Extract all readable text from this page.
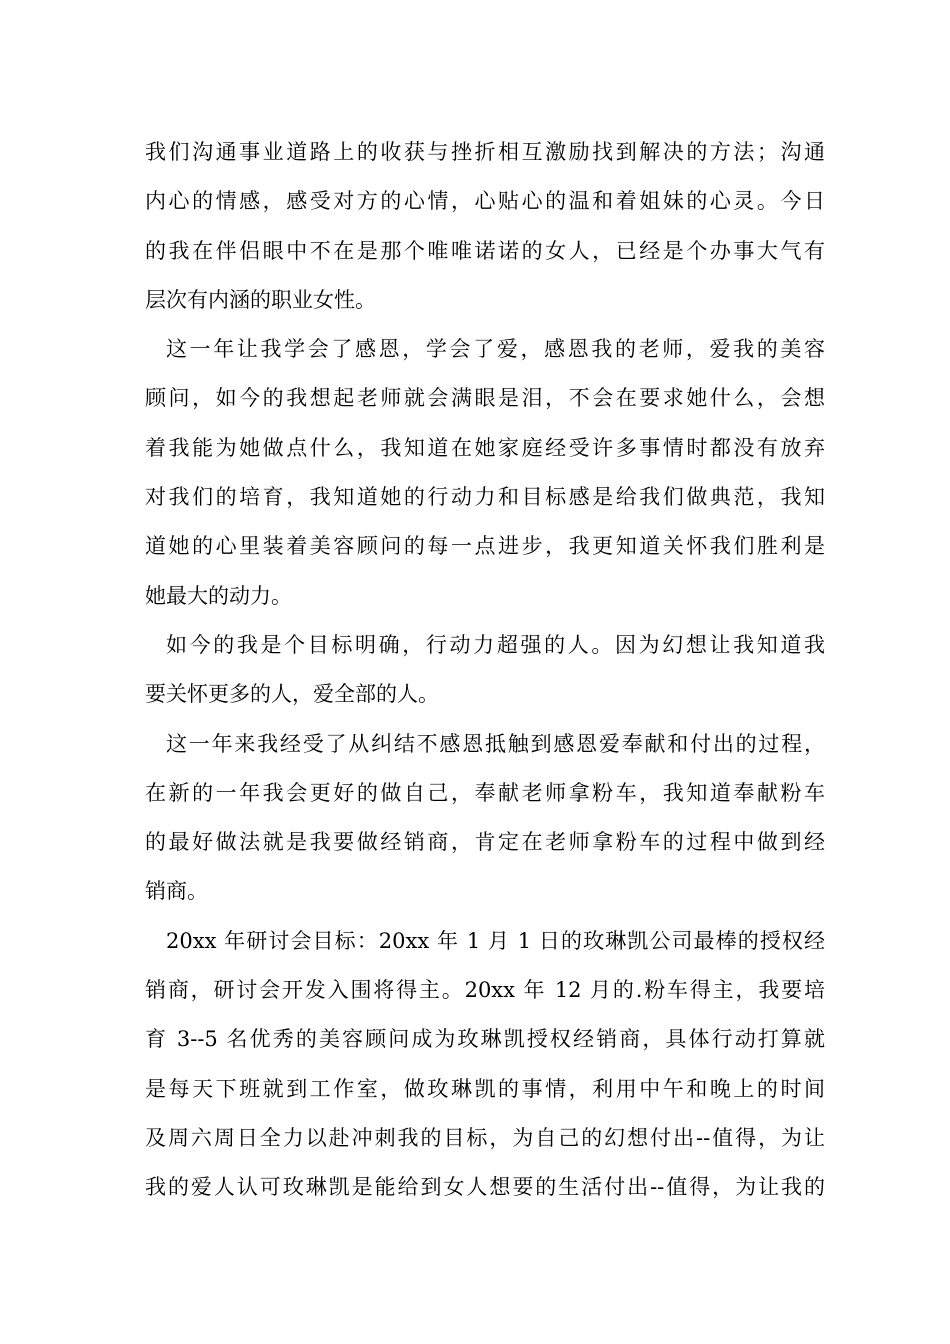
我们沟通事业道路上的收获与挫折相互激励找到解决的方法；沟通
内心的情感，感受对方的心情，心贴心的温和着姐妹的心灵。今日
的我在伴侣眼中不在是那个唯唯诺诺的女人，已经是个办事大气有
层次有内涵的职业女性。
这一年让我学会了感恩，学会了爱，感恩我的老师，爱我的美容
顾问，如今的我想起老师就会满眼是泪，不会在要求她什么，会想
着我能为她做点什么，我知道在她家庭经受许多事情时都没有放弃
对我们的培育，我知道她的行动力和目标感是给我们做典范，我知
道她的心里装着美容顾问的每一点进步，我更知道关怀我们胜利是
她最大的动力。
如今的我是个目标明确，行动力超强的人。因为幻想让我知道我
要关怀更多的人，爱全部的人。
这一年来我经受了从纠结不感恩抵触到感恩爱奉献和付出的过程，
在新的一年我会更好的做自己，奉献老师拿粉车，我知道奉献粉车
的最好做法就是我要做经销商，肯定在老师拿粉车的过程中做到经
销商。
20xx 年研讨会目标：20xx 年 1 月 1 日的玫琳凯公司最棒的授权经
销商，研讨会开发入围将得主。20xx 年 12 月的.粉车得主，我要培
育 3--5 名优秀的美容顾问成为玫琳凯授权经销商，具体行动打算就
是每天下班就到工作室，做玫琳凯的事情，利用中午和晚上的时间
及周六周日全力以赴冲刺我的目标，为自己的幻想付出--值得，为让
我的爱人认可玫琳凯是能给到女人想要的生活付出--值得，为让我的
